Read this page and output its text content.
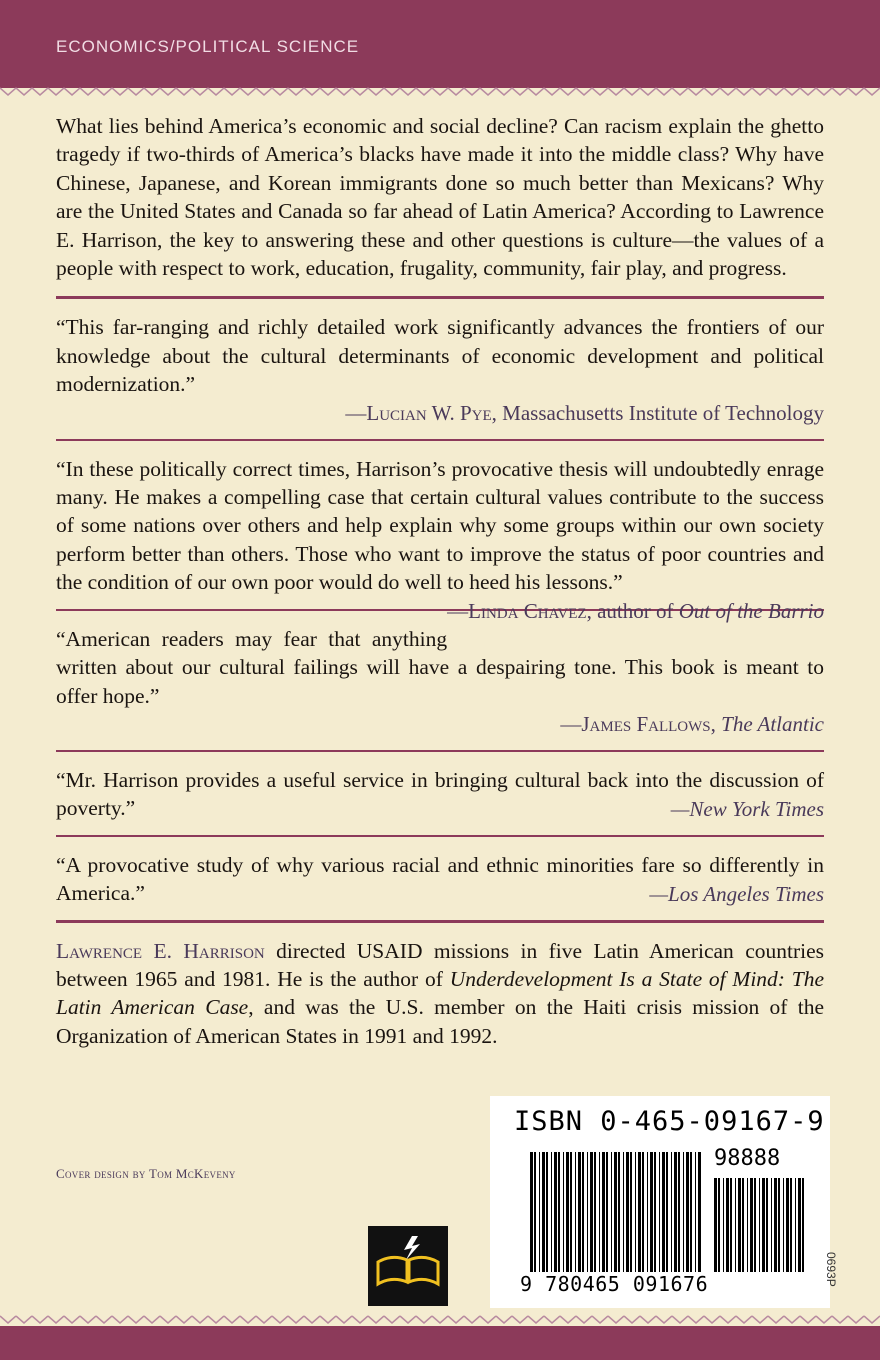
ECONOMICS/POLITICAL SCIENCE

What lies behind America’s economic and social decline? Can racism explain the ghetto tragedy if two-thirds of America’s blacks have made it into the middle class? Why have Chinese, Japanese, and Korean immigrants done so much better than Mexicans? Why are the United States and Canada so far ahead of Latin America? According to Lawrence E. Harrison, the key to answering these and other questions is culture—the values of a people with respect to work, education, frugality, community, fair play, and progress.

“This far-ranging and richly detailed work significantly advances the frontiers of our knowledge about the cultural determinants of economic development and political modernization.”

—Lucian W. Pye, Massachusetts Institute of Technology

“In these politically correct times, Harrison’s provocative thesis will undoubtedly enrage many. He makes a compelling case that certain cultural values contribute to the success of some nations over others and help explain why some groups within our own society perform better than others. Those who want to improve the status of poor countries and the condition of our own poor would do well to heed his lessons.”
—Linda Chavez, author of Out of the Barrio

“American readers may fear that anything written about our cultural failings will have a despairing tone. This book is meant to offer hope.”

—James Fallows, The Atlantic

“Mr. Harrison provides a useful service in bringing cultural back into the discussion of poverty.”	—New York Times

“A provocative study of why various racial and ethnic minorities fare so differently in America.”	—Los Angeles Times

Lawrence E. Harrison directed USAID missions in five Latin American countries between 1965 and 1981. He is the author of Underdevelopment Is a State of Mind: The Latin American Case, and was the U.S. member on the Haiti crisis mission of the Organization of American States in 1991 and 1992.

Cover design by Tom McKeveny
ISBN 0-465-09167-9
98888
9 780465 091676	0693P
